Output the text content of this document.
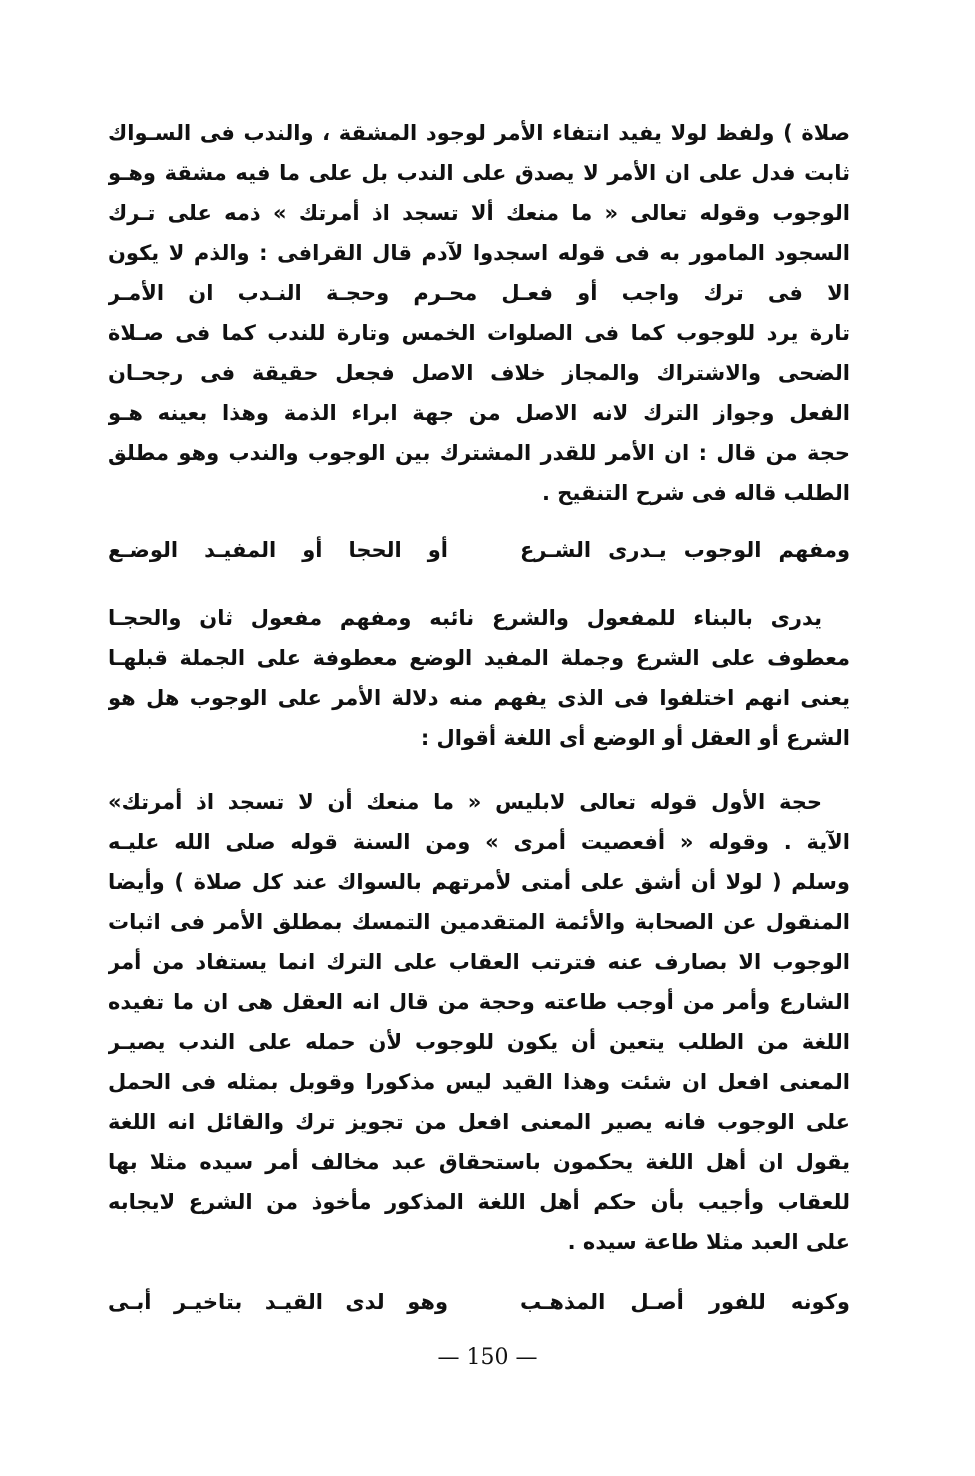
صلاة ) ولفظ لولا يفيد انتفاء الأمر لوجود المشقة ، والندب فى السـواك
ثابت فدل على ان الأمر لا يصدق على الندب بل على ما فيه مشقة وهـو
الوجوب وقوله تعالى « ما منعك ألا تسجد اذ أمرتك » ذمه على تـرك
السجود المامور به فى قوله اسجدوا لآدم قال القرافى : والذم لا يكون
الا فى ترك واجب أو فعـل محـرم وحجـة النـدب ان الأمـر
تارة يرد للوجوب كما فى الصلوات الخمس وتارة للندب كما فى صـلاة
الضحى والاشتراك والمجاز خلاف الاصل فجعل حقيقة فى رجحـان
الفعل وجواز الترك لانه الاصل من جهة ابراء الذمة وهذا بعينه هـو
حجة من قال : ان الأمر للقدر المشترك بين الوجوب والندب وهو مطلق
الطلب قاله فى شرح التنقيح .
ومفهم الوجوب يـدرى الشـرع
أو الحجا أو المفيـد الوضـع
يدرى بالبناء للمفعول والشرع نائبه ومفهم مفعول ثان والحجـا
معطوف على الشرع وجملة المفيد الوضع معطوفة على الجملة قبلهـا
يعنى انهم اختلفوا فى الذى يفهم منه دلالة الأمر على الوجوب هل هو
الشرع أو العقل أو الوضع أى اللغة أقوال :
حجة الأول قوله تعالى لابليس « ما منعك أن لا تسجد اذ أمرتك»
الآية . وقوله « أفعصيت أمرى » ومن السنة قوله صلى الله عليـه
وسلم ( لولا أن أشق على أمتى لأمرتهم بالسواك عند كل صلاة ) وأيضا
المنقول عن الصحابة والأئمة المتقدمين التمسك بمطلق الأمر فى اثبات
الوجوب الا بصارف عنه فترتب العقاب على الترك انما يستفاد من أمر
الشارع وأمر من أوجب طاعته وحجة من قال انه العقل هى ان ما تفيده
اللغة من الطلب يتعين أن يكون للوجوب لأن حمله على الندب يصيـر
المعنى افعل ان شئت وهذا القيد ليس مذكورا وقوبل بمثله فى الحمل
على الوجوب فانه يصير المعنى افعل من تجويز ترك والقائل انه اللغة
يقول ان أهل اللغة يحكمون باستحقاق عبد مخالف أمر سيده مثلا بها
للعقاب وأجيب بأن حكم أهل اللغة المذكور مأخوذ من الشرع لايجابه
على العبد مثلا طاعة سيده .
وكونه للفور أصـل المذهـب
وهو لدى القيـد بتاخيـر أبـى
— 150 —
